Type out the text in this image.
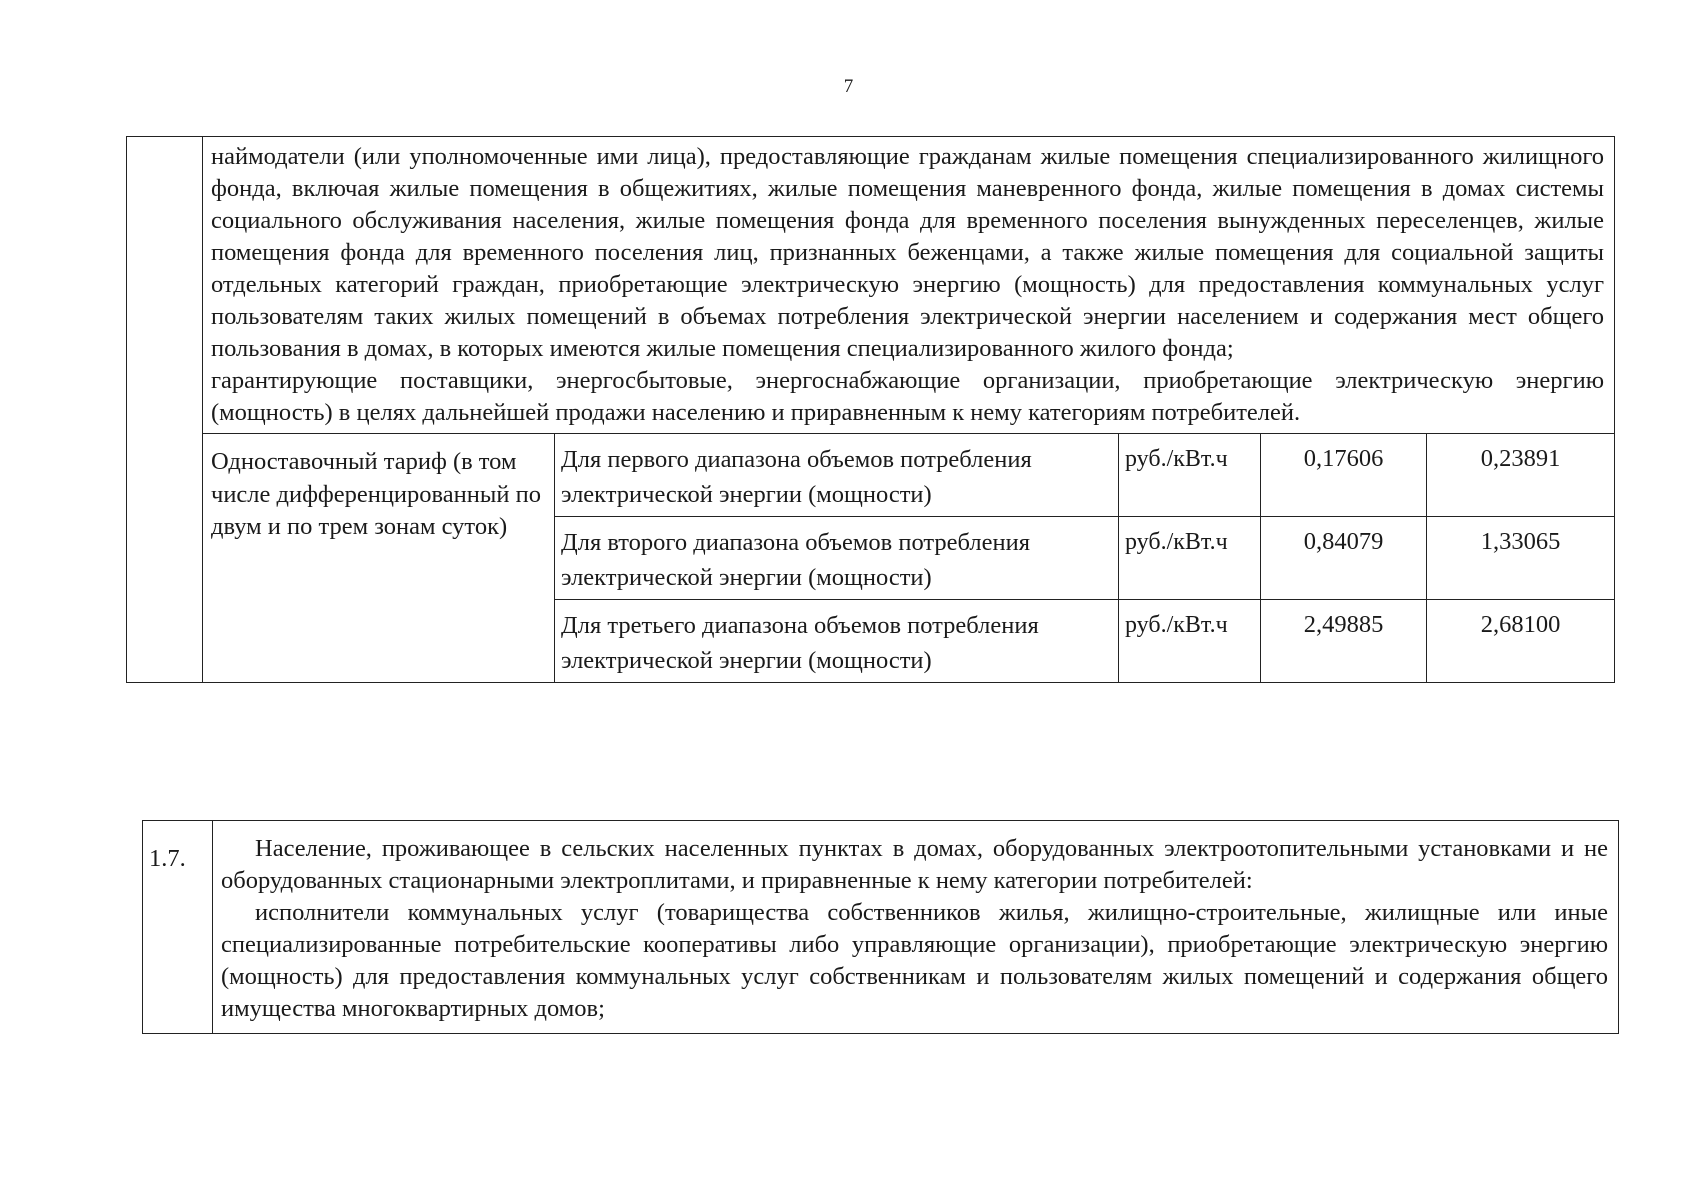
7

	наймодатели (или уполномоченные ими лица), предоставляющие гражданам жилые помещения специализированного жилищного фонда, включая жилые помещения в общежитиях, жилые помещения маневренного фонда, жилые помещения в домах системы социального обслуживания населения, жилые помещения фонда для временного поселения вынужденных переселенцев, жилые помещения фонда для временного поселения лиц, признанных беженцами, а также жилые помещения для социальной защиты отдельных категорий граждан, приобретающие электрическую энергию (мощность) для предоставления коммунальных услуг пользователям таких жилых помещений в объемах потребления электрической энергии населением и содержания мест общего пользования в домах, в которых имеются жилые помещения специализированного жилого фонда;

гарантирующие поставщики, энергосбытовые, энергоснабжающие организации, приобретающие электрическую энергию (мощность) в целях дальнейшей продажи населению и приравненным к нему категориям потребителей.				

	Одноставочный тариф (в том числе дифференцированный по двум и по трем зонам суток)	Для первого диапазона объемов потребления электрической энергии (мощности)	руб./кВт.ч	0,17606	0,23891
		Для второго диапазона объемов потребления электрической энергии (мощности)	руб./кВт.ч	0,84079	1,33065
		Для третьего диапазона объемов потребления электрической энергии (мощности)	руб./кВт.ч	2,49885	2,68100
1.7.	Население, проживающее в сельских населенных пунктах в домах, оборудованных электроотопительными установками и не оборудованных стационарными электроплитами, и приравненные к нему категории потребителей:

исполнители коммунальных услуг (товарищества собственников жилья, жилищно-строительные, жилищные или иные специализированные потребительские кооперативы либо управляющие организации), приобретающие электрическую энергию (мощность) для предоставления коммунальных услуг собственникам и пользователям жилых помещений и содержания общего имущества многоквартирных домов;
